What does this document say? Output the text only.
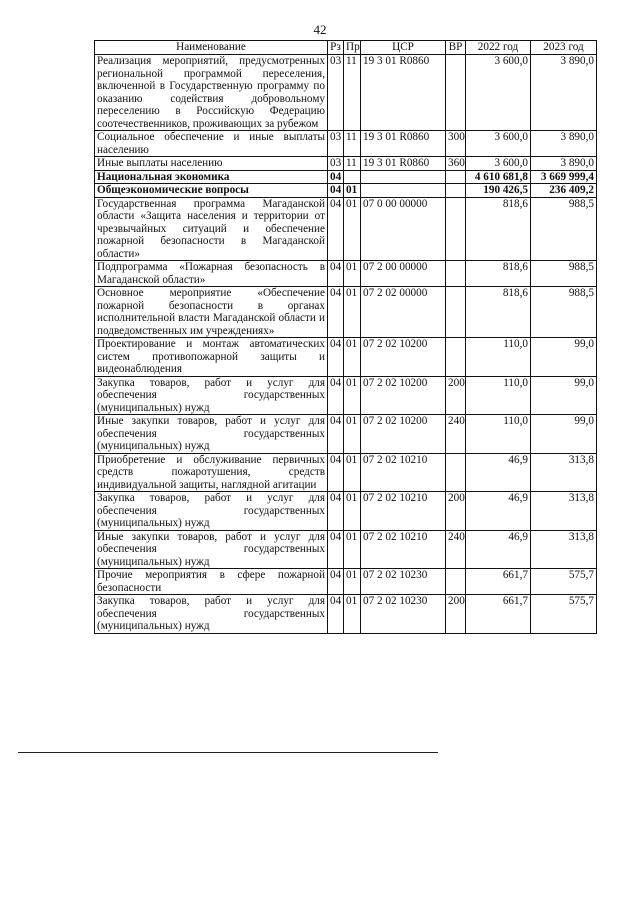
42
Наименование	Рз	Пр	ЦСР	ВР	2022 год	2023 год
Реализация мероприятий, предусмотренных региональной программой переселения, включенной в Государственную программу по оказанию содействия добровольному переселению в Российскую Федерацию соотечественников, проживающих за рубежом	03	11	19 3 01 R0860		3 600,0	3 890,0
Социальное обеспечение и иные выплаты населению	03	11	19 3 01 R0860	300	3 600,0	3 890,0
Иные выплаты населению	03	11	19 3 01 R0860	360	3 600,0	3 890,0
Национальная экономика	04				4 610 681,8	3 669 999,4
Общеэкономические вопросы	04	01			190 426,5	236 409,2
Государственная программа Магаданской области «Защита населения и территории от чрезвычайных ситуаций и обеспечение пожарной безопасности в Магаданской области»	04	01	07 0 00 00000		818,6	988,5
Подпрограмма «Пожарная безопасность в Магаданской области»	04	01	07 2 00 00000		818,6	988,5
Основное мероприятие «Обеспечение пожарной безопасности в органах исполнительной власти Магаданской области и подведомственных им учреждениях»	04	01	07 2 02 00000		818,6	988,5
Проектирование и монтаж автоматических систем противопожарной защиты и видеонаблюдения	04	01	07 2 02 10200		110,0	99,0
Закупка товаров, работ и услуг для обеспечения государственных (муниципальных) нужд	04	01	07 2 02 10200	200	110,0	99,0
Иные закупки товаров, работ и услуг для обеспечения государственных (муниципальных) нужд	04	01	07 2 02 10200	240	110,0	99,0
Приобретение и обслуживание первичных средств пожаротушения, средств индивидуальной защиты, наглядной агитации	04	01	07 2 02 10210		46,9	313,8
Закупка товаров, работ и услуг для обеспечения государственных (муниципальных) нужд	04	01	07 2 02 10210	200	46,9	313,8
Иные закупки товаров, работ и услуг для обеспечения государственных (муниципальных) нужд	04	01	07 2 02 10210	240	46,9	313,8
Прочие мероприятия в сфере пожарной безопасности	04	01	07 2 02 10230		661,7	575,7
Закупка товаров, работ и услуг для обеспечения государственных (муниципальных) нужд	04	01	07 2 02 10230	200	661,7	575,7
